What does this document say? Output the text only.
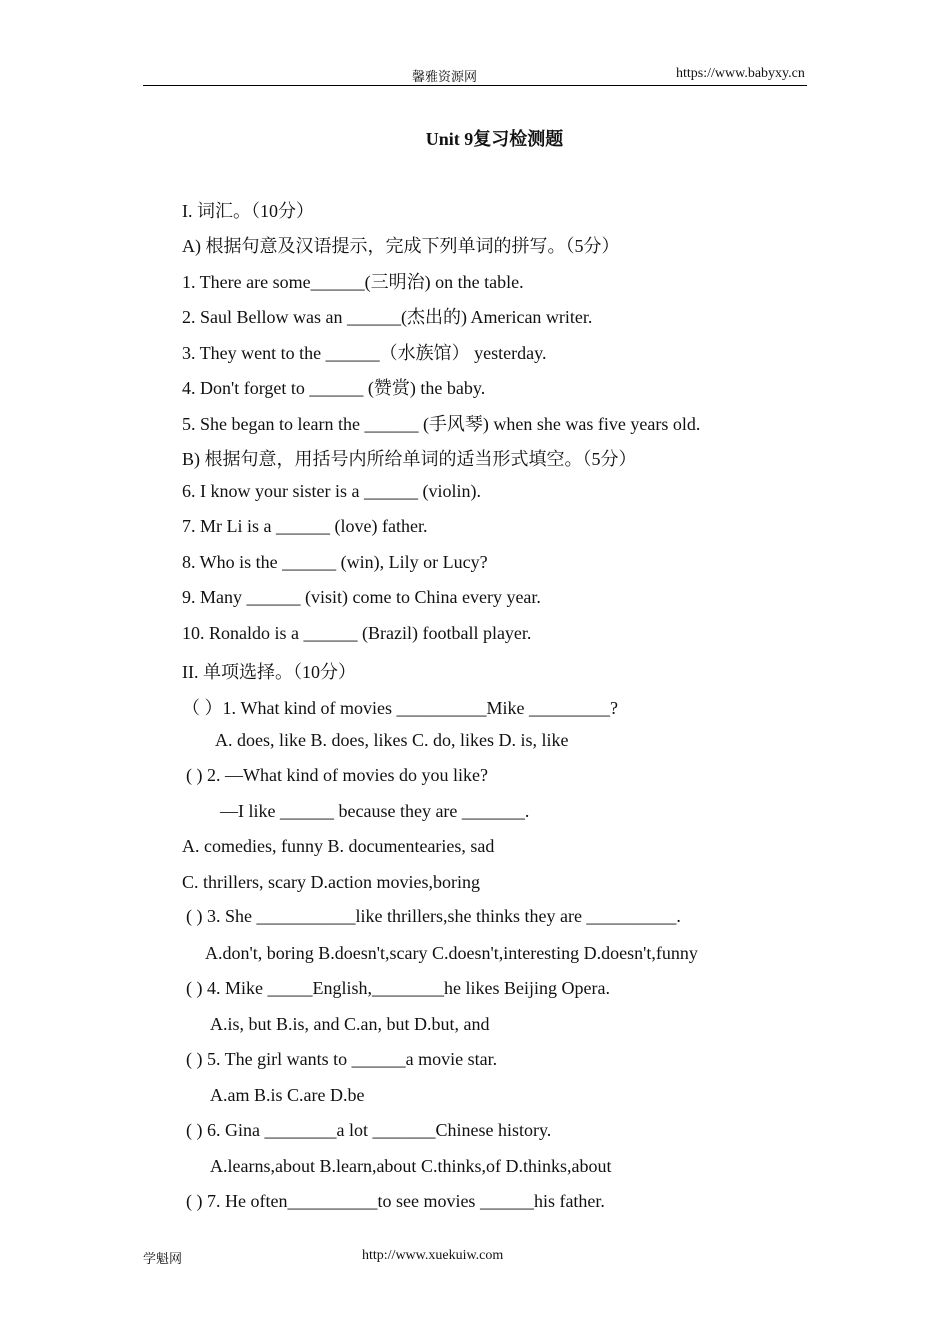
馨雅资源网	https://www.babyxy.cn
Unit 9复习检测题
I. 词汇。（10分）
A) 根据句意及汉语提示，完成下列单词的拼写。（5分）
1. There are some______(三明治) on the table.
2. Saul Bellow was an ______(杰出的) American writer.
3. They went to the ______（水族馆） yesterday.
4. Don't forget to ______ (赞赏) the baby.
5. She began to learn the ______ (手风琴) when she was five years old.
B) 根据句意，用括号内所给单词的适当形式填空。（5分）
6. I know your sister is a ______ (violin).
7. Mr Li is a ______ (love) father.
8. Who is the ______ (win), Lily or Lucy?
9. Many ______ (visit) come to China every year.
10. Ronaldo is a ______ (Brazil) football player.
II. 单项选择。（10分）
（ ）1. What kind of movies __________Mike _________?
A. does, like B. does, likes C. do, likes D. is, like
( ) 2. —What kind of movies do you like?
—I like ______ because they are _______.
A. comedies, funny B. documentearies, sad
C. thrillers, scary D.action movies,boring
( ) 3. She ___________like thrillers,she thinks they are __________.
A.don't, boring B.doesn't,scary C.doesn't,interesting D.doesn't,funny
( ) 4. Mike _____English,________he likes Beijing Opera.
A.is, but B.is, and C.an, but D.but, and
( ) 5. The girl wants to ______a movie star.
A.am B.is C.are D.be
( ) 6. Gina ________a lot _______Chinese history.
A.learns,about B.learn,about C.thinks,of D.thinks,about
( ) 7. He often__________to see movies ______his father.
学魁网	http://www.xuekuiw.com
